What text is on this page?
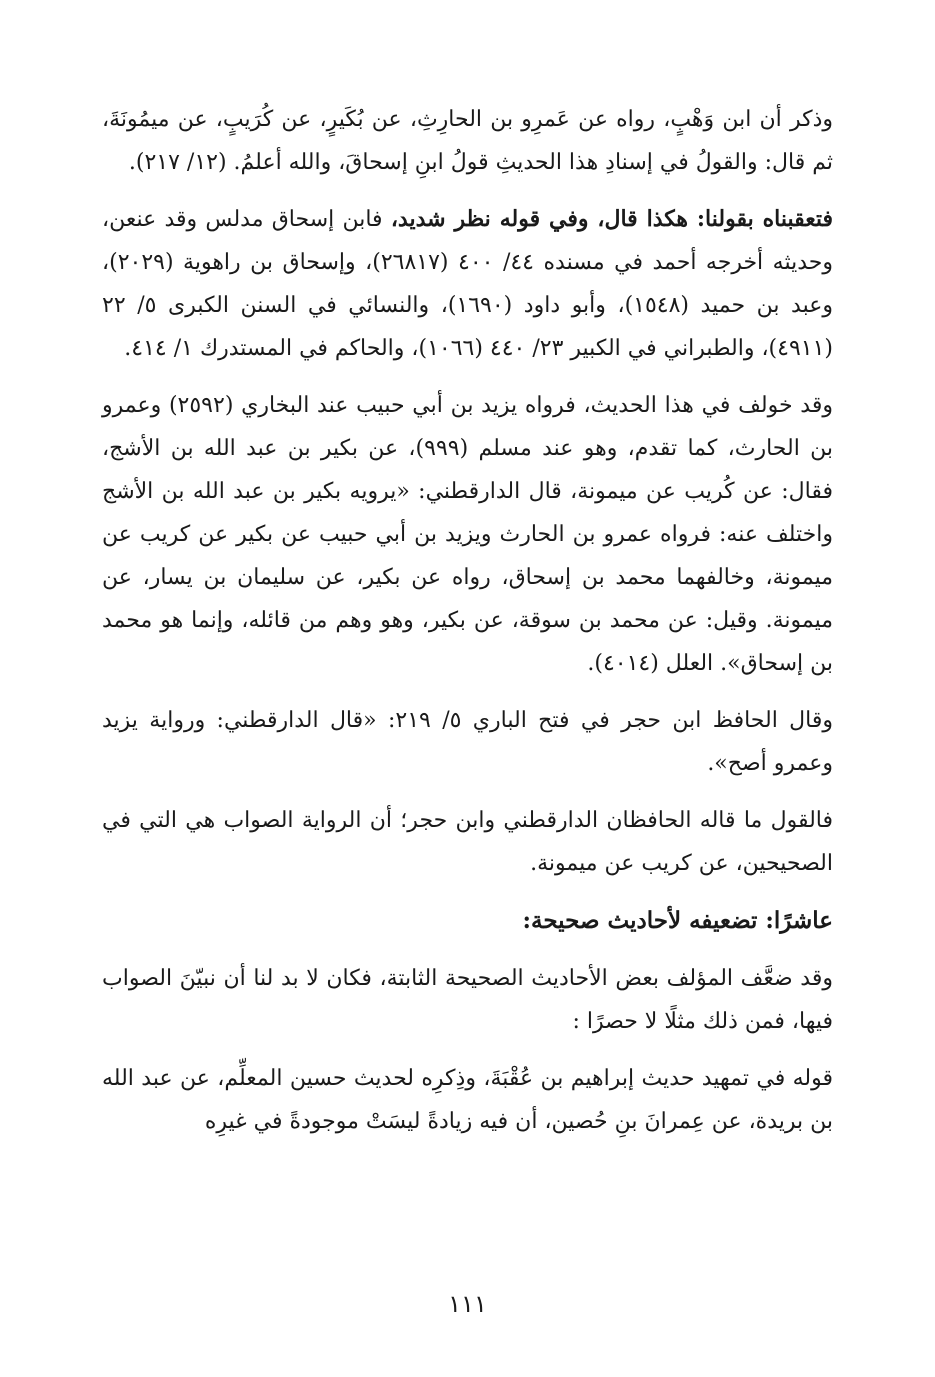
وذكر أن ابن وَهْبٍ، رواه عن عَمرِو بن الحارِثِ، عن بُكَيرٍ، عن كُرَيبٍ، عن ميمُونَةَ، ثم قال: والقولُ في إسنادِ هذا الحديثِ قولُ ابنِ إسحاقَ، والله أعلمُ. (١٢/ ٢١٧).

فتعقبناه بقولنا: هكذا قال، وفي قوله نظر شديد، فابن إسحاق مدلس وقد عنعن، وحديثه أخرجه أحمد في مسنده ٤٤/ ٤٠٠ (٢٦٨١٧)، وإسحاق بن راهوية (٢٠٢٩)، وعبد بن حميد (١٥٤٨)، وأبو داود (١٦٩٠)، والنسائي في السنن الكبرى ٥/ ٢٢ (٤٩١١)، والطبراني في الكبير ٢٣/ ٤٤٠ (١٠٦٦)، والحاكم في المستدرك ١/ ٤١٤.

وقد خولف في هذا الحديث، فرواه يزيد بن أبي حبيب عند البخاري (٢٥٩٢) وعمرو بن الحارث، كما تقدم، وهو عند مسلم (٩٩٩)، عن بكير بن عبد الله بن الأشج، فقال: عن كُريب عن ميمونة، قال الدارقطني: «يرويه بكير بن عبد الله بن الأشج واختلف عنه: فرواه عمرو بن الحارث ويزيد بن أبي حبيب عن بكير عن كريب عن ميمونة، وخالفهما محمد بن إسحاق، رواه عن بكير، عن سليمان بن يسار، عن ميمونة. وقيل: عن محمد بن سوقة، عن بكير، وهو وهم من قائله، وإنما هو محمد بن إسحاق». العلل (٤٠١٤).

وقال الحافظ ابن حجر في فتح الباري ٥/ ٢١٩: «قال الدارقطني: ورواية يزيد وعمرو أصح».

فالقول ما قاله الحافظان الدارقطني وابن حجر؛ أن الرواية الصواب هي التي في الصحيحين، عن كريب عن ميمونة.

عاشرًا: تضعيفه لأحاديث صحيحة:

وقد ضعَّف المؤلف بعض الأحاديث الصحيحة الثابتة، فكان لا بد لنا أن نبيّنَ الصواب فيها، فمن ذلك مثلًا لا حصرًا :

قوله في تمهيد حديث إبراهيم بن عُقْبَةَ، وذِكرِه لحديث حسين المعلِّم، عن عبد الله بن بريدة، عن عِمرانَ بنِ حُصين، أن فيه زيادةً ليسَتْ موجودةً في غيرِه

١١١
